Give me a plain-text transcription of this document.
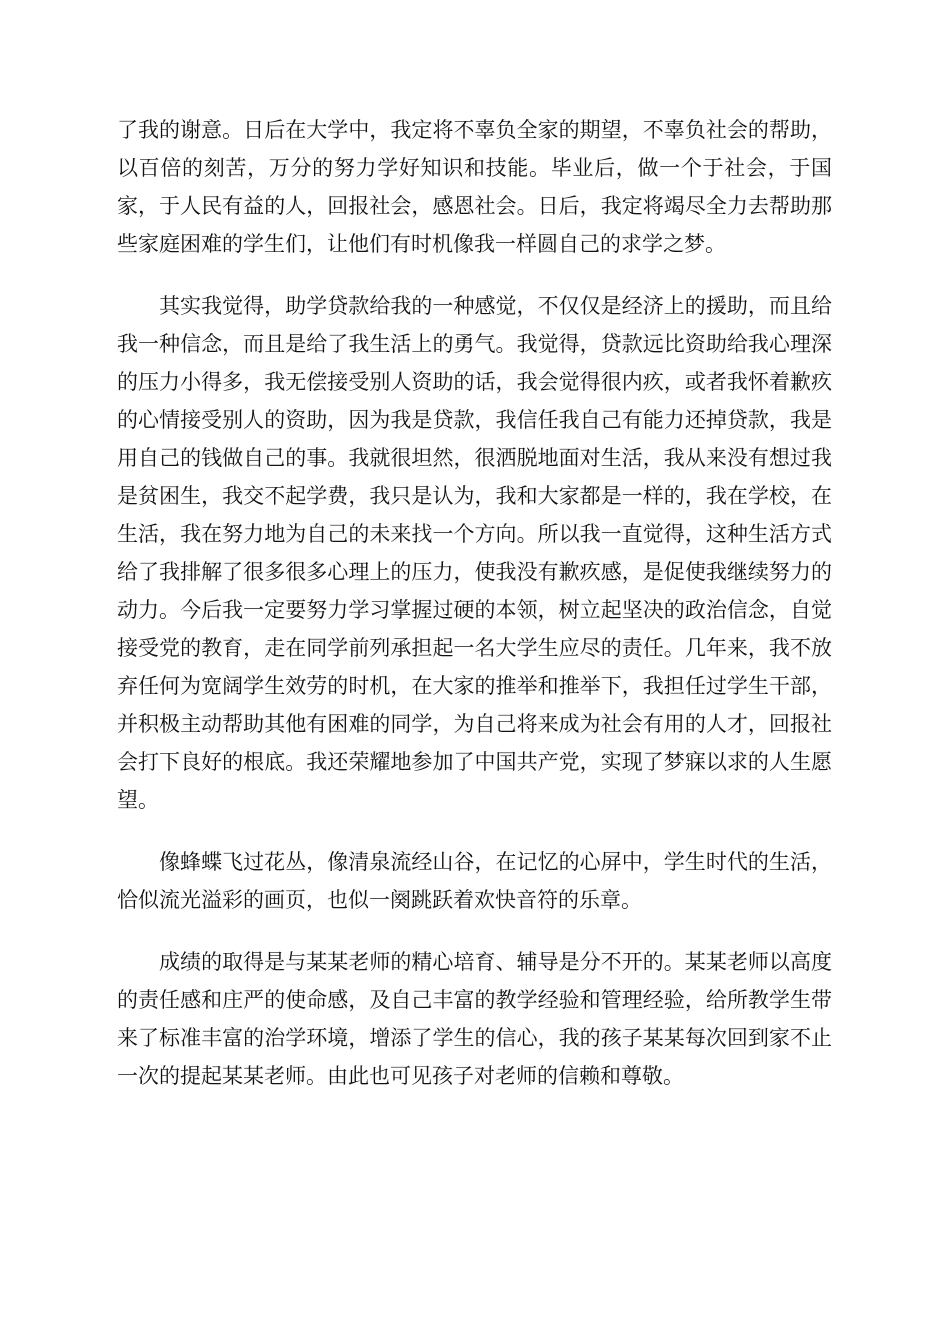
了我的谢意。日后在大学中，我定将不辜负全家的期望，不辜负社会的帮助，以百倍的刻苦，万分的努力学好知识和技能。毕业后，做一个于社会，于国家，于人民有益的人，回报社会，感恩社会。日后，我定将竭尽全力去帮助那些家庭困难的学生们，让他们有时机像我一样圆自己的求学之梦。

其实我觉得，助学贷款给我的一种感觉，不仅仅是经济上的援助，而且给我一种信念，而且是给了我生活上的勇气。我觉得，贷款远比资助给我心理深的压力小得多，我无偿接受别人资助的话，我会觉得很内疚，或者我怀着歉疚的心情接受别人的资助，因为我是贷款，我信任我自己有能力还掉贷款，我是用自己的钱做自己的事。我就很坦然，很洒脱地面对生活，我从来没有想过我是贫困生，我交不起学费，我只是认为，我和大家都是一样的，我在学校，在生活，我在努力地为自己的未来找一个方向。所以我一直觉得，这种生活方式给了我排解了很多很多心理上的压力，使我没有歉疚感，是促使我继续努力的动力。今后我一定要努力学习掌握过硬的本领，树立起坚决的政治信念，自觉接受党的教育，走在同学前列承担起一名大学生应尽的责任。几年来，我不放弃任何为宽阔学生效劳的时机，在大家的推举和推举下，我担任过学生干部，并积极主动帮助其他有困难的同学，为自己将来成为社会有用的人才，回报社会打下良好的根底。我还荣耀地参加了中国共产党，实现了梦寐以求的人生愿望。

像蜂蝶飞过花丛，像清泉流经山谷，在记忆的心屏中，学生时代的生活，恰似流光溢彩的画页，也似一阕跳跃着欢快音符的乐章。

成绩的取得是与某某老师的精心培育、辅导是分不开的。某某老师以高度的责任感和庄严的使命感，及自己丰富的教学经验和管理经验，给所教学生带来了标准丰富的治学环境，增添了学生的信心，我的孩子某某每次回到家不止一次的提起某某老师。由此也可见孩子对老师的信赖和尊敬。
